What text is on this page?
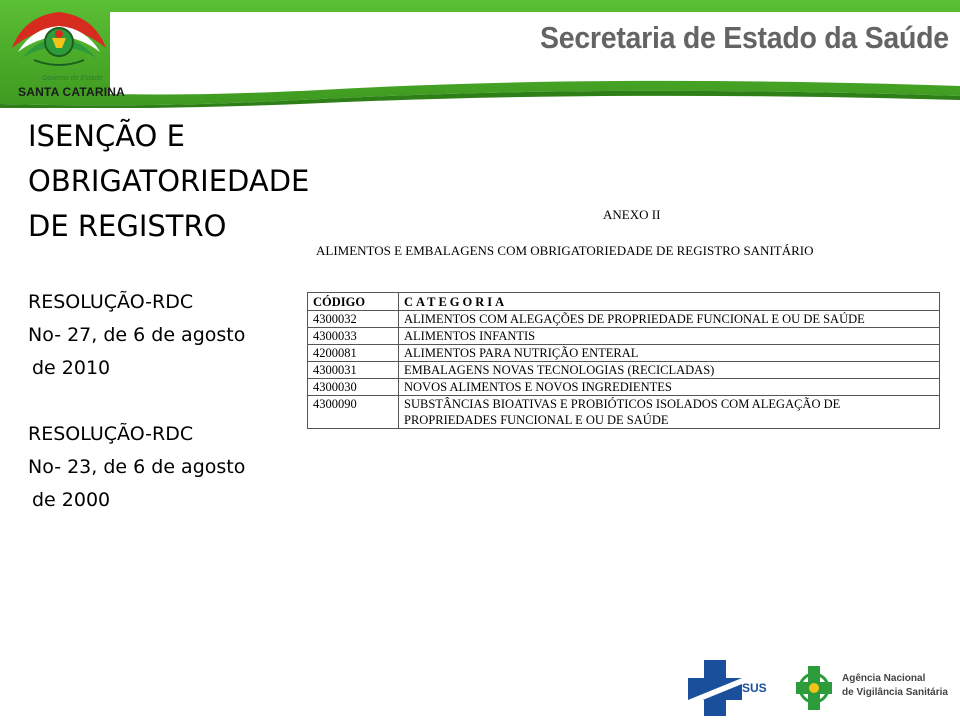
Governo do Estado
SANTA CATARINA
Secretaria de Estado da Saúde
ISENÇÃO E
OBRIGATORIEDADE
DE REGISTRO
RESOLUÇÃO-RDC
No- 27, de 6 de agosto
de 2010
RESOLUÇÃO-RDC
No- 23, de 6 de agosto
de 2000
ANEXO II
ALIMENTOS E EMBALAGENS COM OBRIGATORIEDADE DE REGISTRO SANITÁRIO
CÓDIGO	CATEGORIA
4300032	ALIMENTOS COM ALEGAÇÕES DE PROPRIEDADE FUNCIONAL E OU DE SAÚDE
4300033	ALIMENTOS INFANTIS
4200081	ALIMENTOS PARA NUTRIÇÃO ENTERAL
4300031	EMBALAGENS NOVAS TECNOLOGIAS (RECICLADAS)
4300030	NOVOS ALIMENTOS E NOVOS INGREDIENTES
4300090	SUBSTÂNCIAS BIOATIVAS E PROBIÓTICOS ISOLADOS COM ALEGAÇÃO DE PROPRIEDADES FUNCIONAL E OU DE SAÚDE
SUS
Agência Nacional
de Vigilância Sanitária
